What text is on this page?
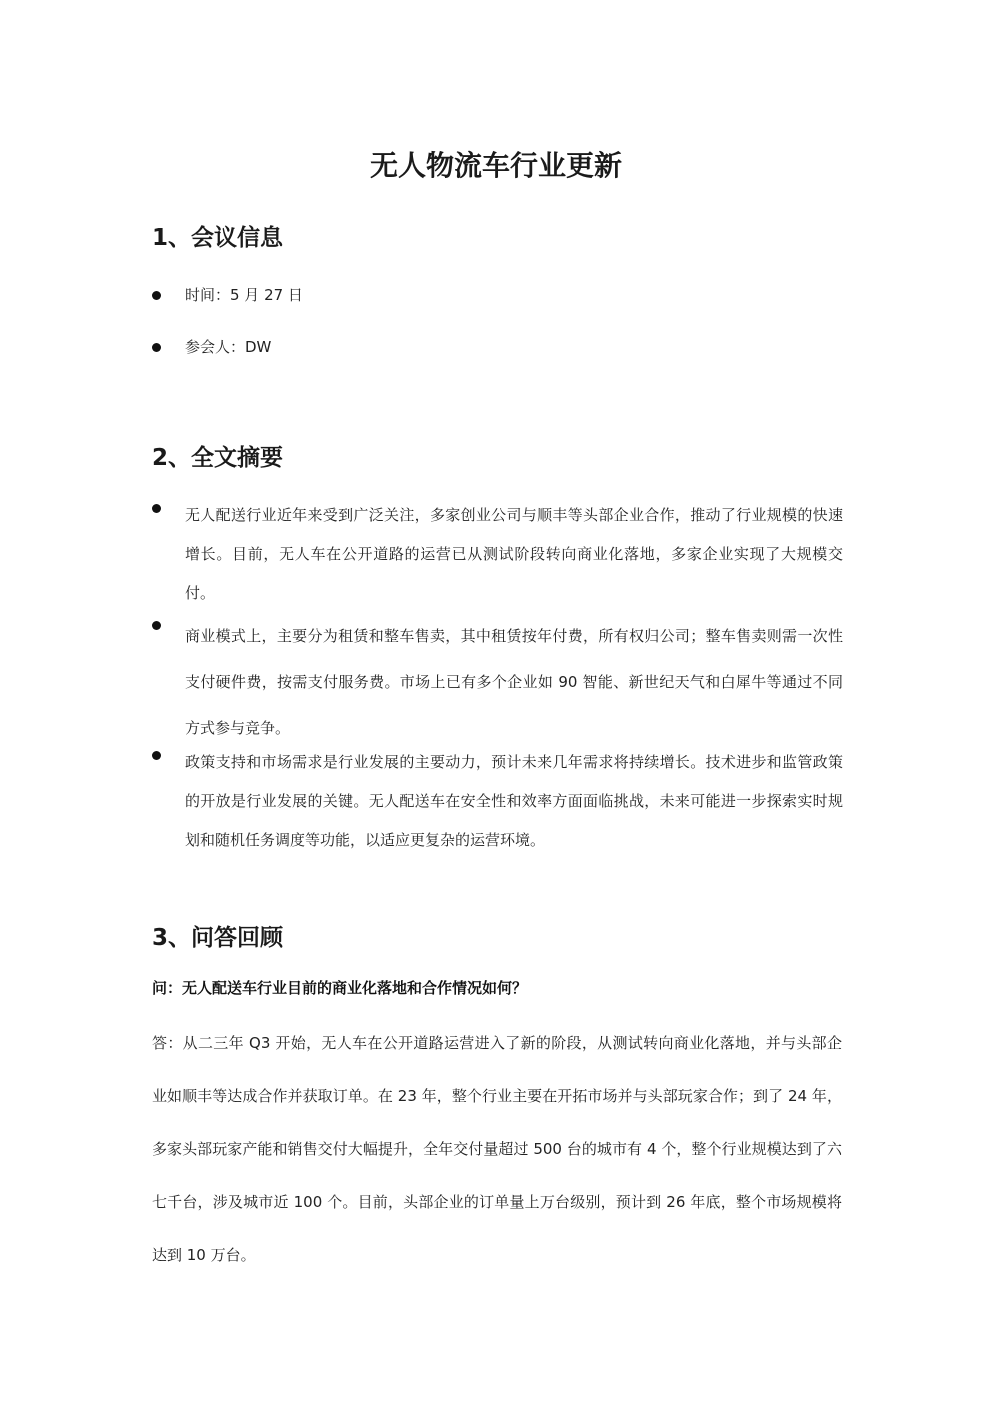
无人物流车行业更新
1、会议信息
时间：5 月 27 日
参会人：DW
2、全文摘要
无人配送行业近年来受到广泛关注，多家创业公司与顺丰等头部企业合作，推动了行业规模的快速增长。目前，无人车在公开道路的运营已从测试阶段转向商业化落地，多家企业实现了大规模交付。
商业模式上，主要分为租赁和整车售卖，其中租赁按年付费，所有权归公司；整车售卖则需一次性支付硬件费，按需支付服务费。市场上已有多个企业如 90 智能、新世纪天气和白犀牛等通过不同方式参与竞争。
政策支持和市场需求是行业发展的主要动力，预计未来几年需求将持续增长。技术进步和监管政策的开放是行业发展的关键。无人配送车在安全性和效率方面面临挑战，未来可能进一步探索实时规划和随机任务调度等功能，以适应更复杂的运营环境。
3、问答回顾

问：无人配送车行业目前的商业化落地和合作情况如何？

答：从二三年 Q3 开始，无人车在公开道路运营进入了新的阶段，从测试转向商业化落地，并与头部企业如顺丰等达成合作并获取订单。在 23 年，整个行业主要在开拓市场并与头部玩家合作；到了 24 年，多家头部玩家产能和销售交付大幅提升，全年交付量超过 500 台的城市有 4 个，整个行业规模达到了六七千台，涉及城市近 100 个。目前，头部企业的订单量上万台级别，预计到 26 年底，整个市场规模将达到 10 万台。
